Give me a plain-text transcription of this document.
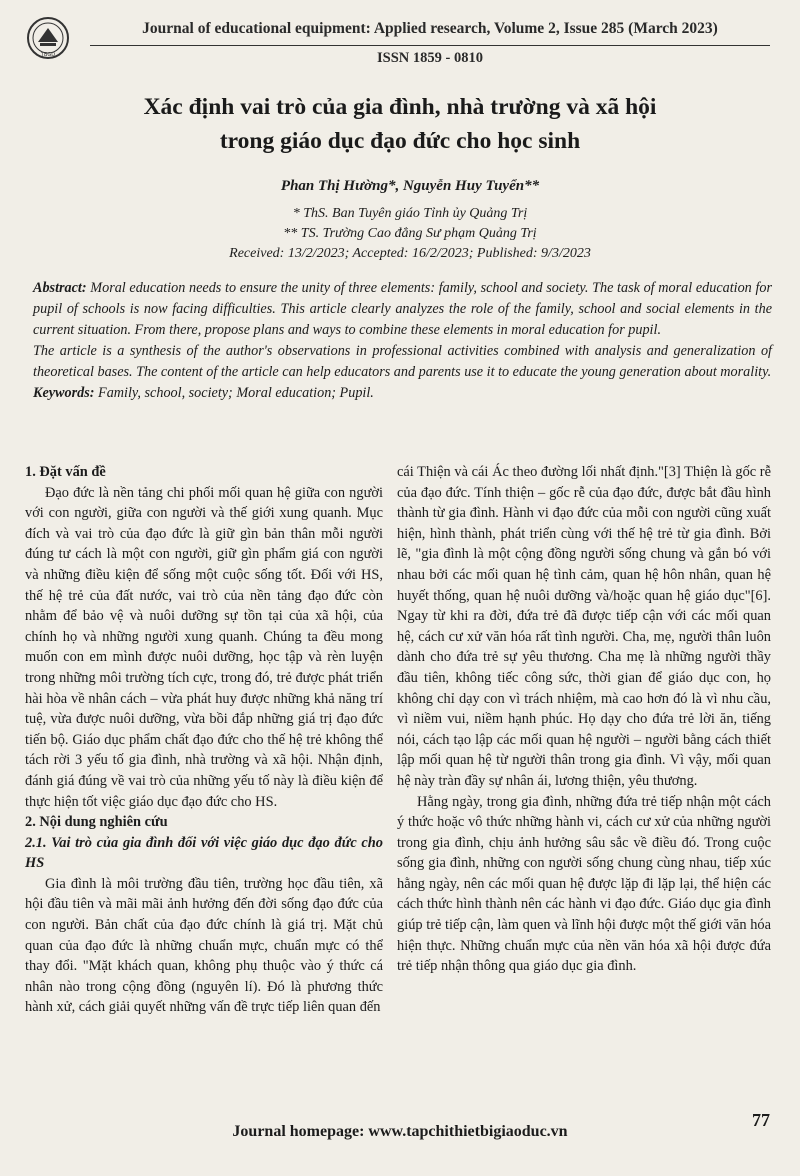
TBGD
Journal of educational equipment: Applied research, Volume 2, Issue 285 (March 2023)
ISSN 1859 - 0810
Xác định vai trò của gia đình, nhà trường và xã hội
trong giáo dục đạo đức cho học sinh
Phan Thị Hường*, Nguyễn Huy Tuyển**
* ThS. Ban Tuyên giáo Tỉnh ủy Quảng Trị
** TS. Trường Cao đẳng Sư phạm Quảng Trị
Received: 13/2/2023; Accepted: 16/2/2023; Published: 9/3/2023

Abstract: Moral education needs to ensure the unity of three elements: family, school and society. The task of moral education for pupil of schools is now facing difficulties. This article clearly analyzes the role of the family, school and social elements in the current situation. From there, propose plans and ways to combine these elements in moral education for pupil.

The article is a synthesis of the author's observations in professional activities combined with analysis and generalization of theoretical bases. The content of the article can help educators and parents use it to educate the young generation about morality.

Keywords: Family, school, society; Moral education; Pupil.

1. Đặt vấn đề

Đạo đức là nền tảng chi phối mối quan hệ giữa con người với con người, giữa con người và thế giới xung quanh. Mục đích và vai trò của đạo đức là giữ gìn bản thân mỗi người đúng tư cách là một con người, giữ gìn phẩm giá con người và những điều kiện để sống một cuộc sống tốt. Đối với HS, thế hệ trẻ của đất nước, vai trò của nền tảng đạo đức còn nhằm để bảo vệ và nuôi dưỡng sự tồn tại của xã hội, của chính họ và những người xung quanh. Chúng ta đều mong muốn con em mình được nuôi dưỡng, học tập và rèn luyện trong những môi trường tích cực, trong đó, trẻ được phát triển hài hòa về nhân cách – vừa phát huy được những khả năng trí tuệ, vừa được nuôi dưỡng, vừa bồi đắp những giá trị đạo đức tiến bộ. Giáo dục phẩm chất đạo đức cho thế hệ trẻ không thể tách rời 3 yếu tố gia đình, nhà trường và xã hội. Nhận định, đánh giá đúng về vai trò của những yếu tố này là điều kiện để thực hiện tốt việc giáo dục đạo đức cho HS.

2. Nội dung nghiên cứu
2.1. Vai trò của gia đình đối với việc giáo dục đạo đức cho HS

Gia đình là môi trường đầu tiên, trường học đầu tiên, xã hội đầu tiên và mãi mãi ảnh hưởng đến đời sống đạo đức của con người. Bản chất của đạo đức chính là giá trị. Mặt chủ quan của đạo đức là những chuẩn mực, chuẩn mực có thể thay đổi. "Mặt khách quan, không phụ thuộc vào ý thức cá nhân nào trong cộng đồng (nguyên lí). Đó là phương thức hành xử, cách giải quyết những vấn đề trực tiếp liên quan đến

cái Thiện và cái Ác theo đường lối nhất định."[3] Thiện là gốc rễ của đạo đức. Tính thiện – gốc rễ của đạo đức, được bắt đầu hình thành từ gia đình. Hành vi đạo đức của mỗi con người cũng xuất hiện, hình thành, phát triển cùng với thế hệ trẻ từ gia đình. Bởi lẽ, "gia đình là một cộng đồng người sống chung và gắn bó với nhau bởi các mối quan hệ tình cảm, quan hệ hôn nhân, quan hệ huyết thống, quan hệ nuôi dưỡng và/hoặc quan hệ giáo dục"[6]. Ngay từ khi ra đời, đứa trẻ đã được tiếp cận với các mối quan hệ, cách cư xử văn hóa rất tình người. Cha, mẹ, người thân luôn dành cho đứa trẻ sự yêu thương. Cha mẹ là những người thầy đầu tiên, không tiếc công sức, thời gian để giáo dục con, họ không chỉ dạy con vì trách nhiệm, mà cao hơn đó là vì nhu cầu, vì niềm vui, niềm hạnh phúc. Họ dạy cho đứa trẻ lời ăn, tiếng nói, cách tạo lập các mối quan hệ người – người bằng cách thiết lập mối quan hệ từ người thân trong gia đình. Vì vậy, mối quan hệ này tràn đầy sự nhân ái, lương thiện, yêu thương.

Hằng ngày, trong gia đình, những đứa trẻ tiếp nhận một cách ý thức hoặc vô thức những hành vi, cách cư xử của những người trong gia đình, chịu ảnh hưởng sâu sắc về điều đó. Trong cuộc sống gia đình, những con người sống chung cùng nhau, tiếp xúc hằng ngày, nên các mối quan hệ được lặp đi lặp lại, thể hiện các cách thức hình thành nên các hành vi đạo đức. Giáo dục gia đình giúp trẻ tiếp cận, làm quen và lĩnh hội được một thế giới văn hóa hiện thực. Những chuẩn mực của nền văn hóa xã hội được đứa trẻ tiếp nhận thông qua giáo dục gia đình.

77
Journal homepage: www.tapchithietbigiaoduc.vn
